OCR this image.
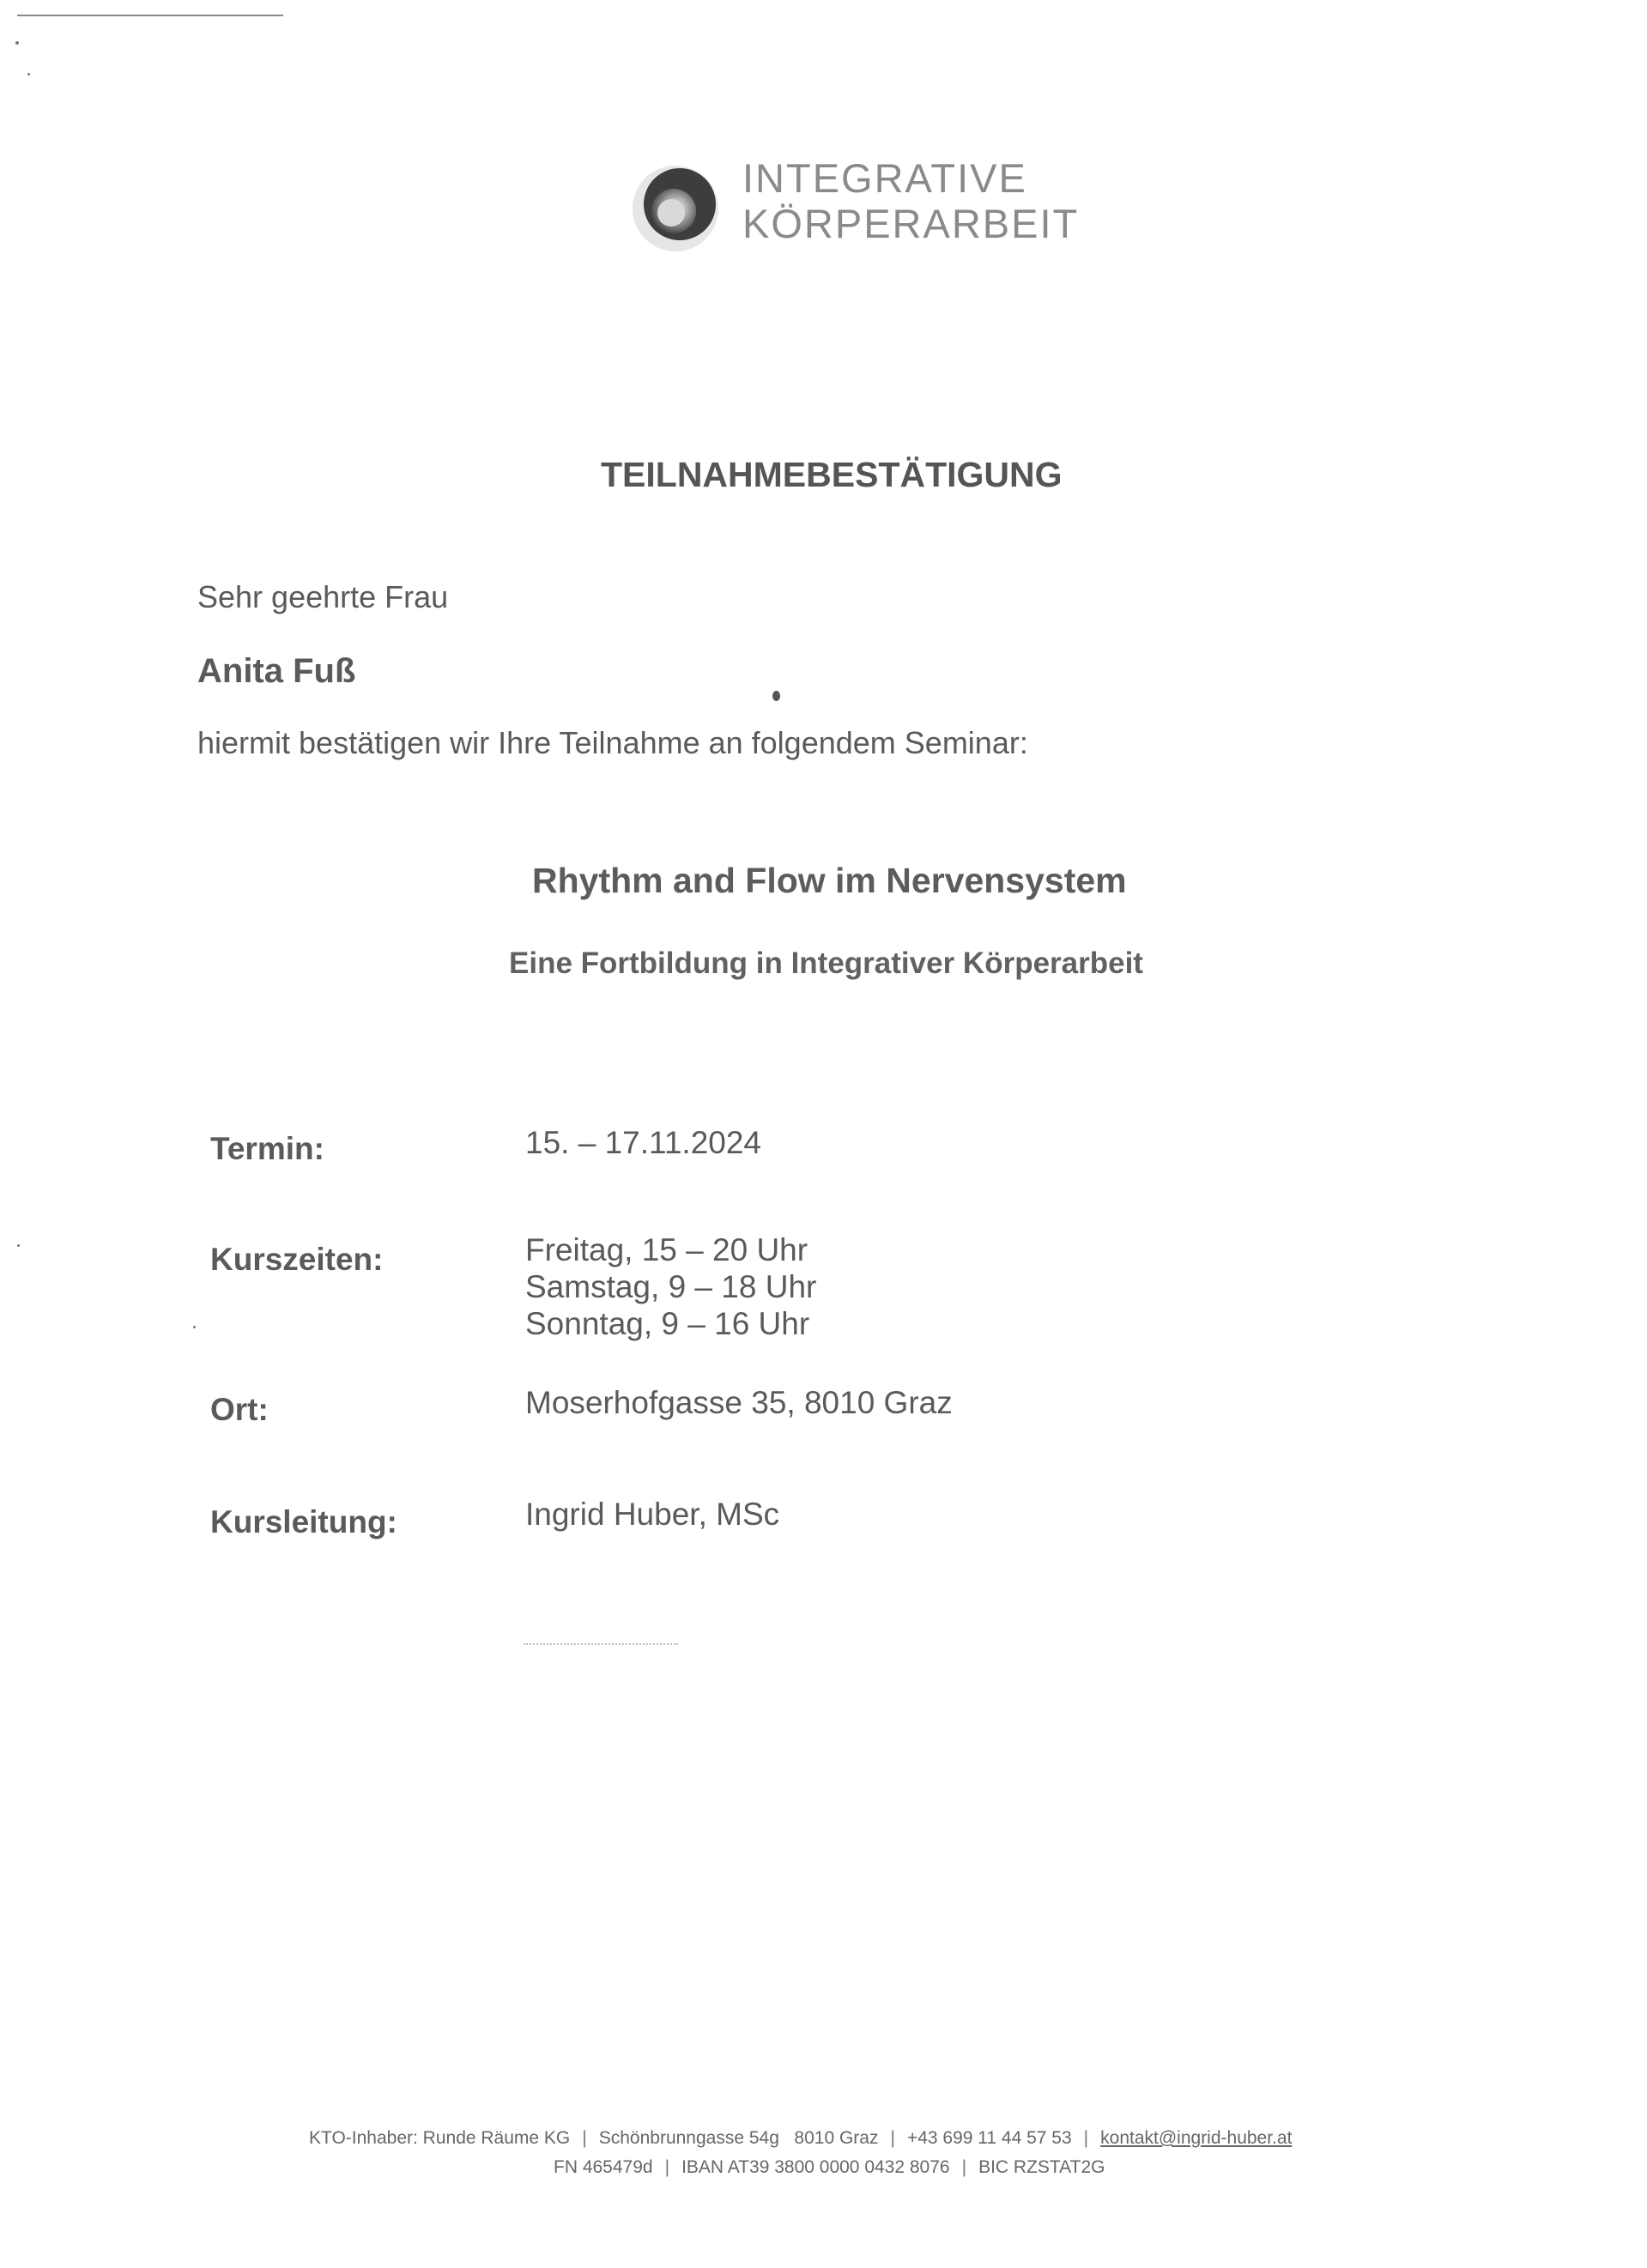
INTEGRATIVE
KÖRPERARBEIT
TEILNAHMEBESTÄTIGUNG
Sehr geehrte Frau
Anita Fuß
hiermit bestätigen wir Ihre Teilnahme an folgendem Seminar:
Rhythm and Flow im Nervensystem
Eine Fortbildung in Integrativer Körperarbeit
Termin:	15. – 17.11.2024
Kurszeiten:	Freitag, 15 – 20 Uhr
Samstag, 9 – 18 Uhr
Sonntag, 9 – 16 Uhr
Ort:	Moserhofgasse 35, 8010 Graz
Kursleitung:	Ingrid Huber, MSc
KTO-Inhaber: Runde Räume KG | Schönbrunngasse 54g 8010 Graz | +43 699 11 44 57 53 | kontakt@ingrid-huber.at
FN 465479d | IBAN AT39 3800 0000 0432 8076 | BIC RZSTAT2G
